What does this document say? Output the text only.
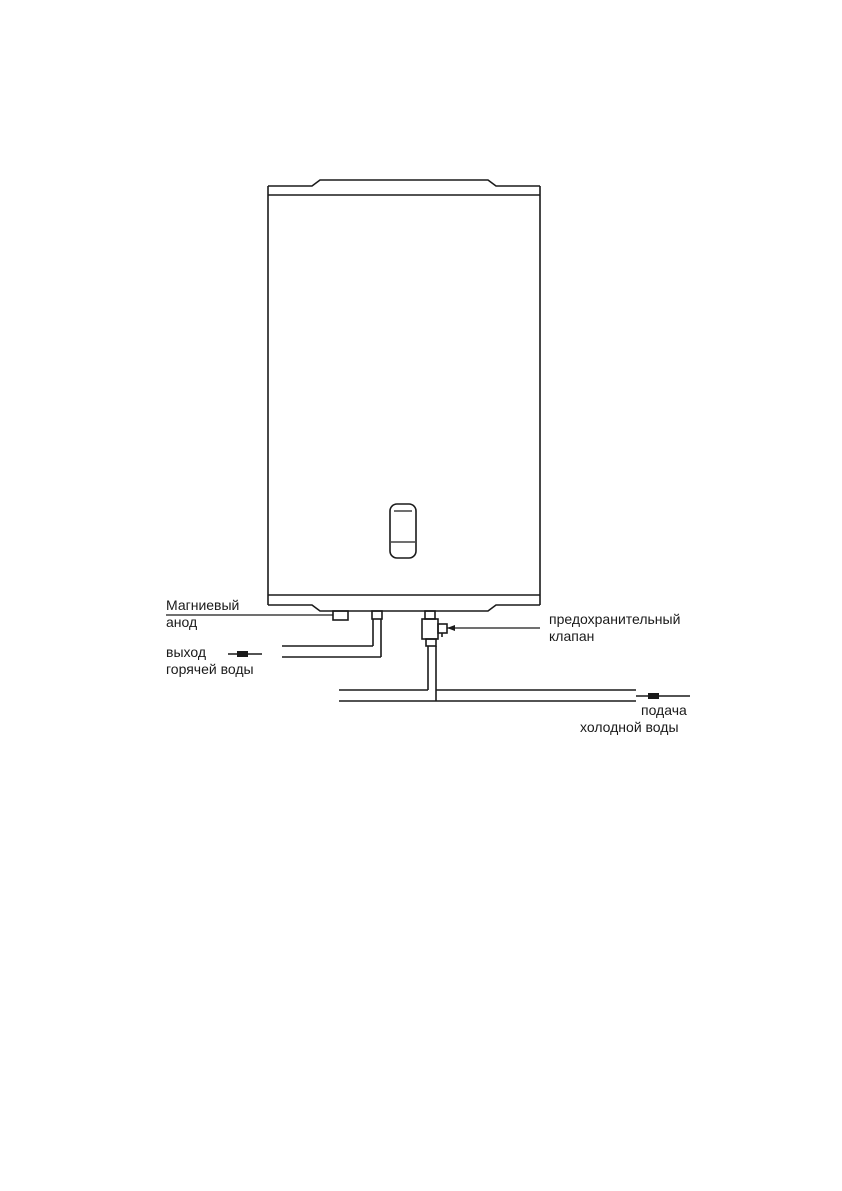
Магниевый
анод
выход
горячей воды
предохранительный
клапан
подача
холодной воды
